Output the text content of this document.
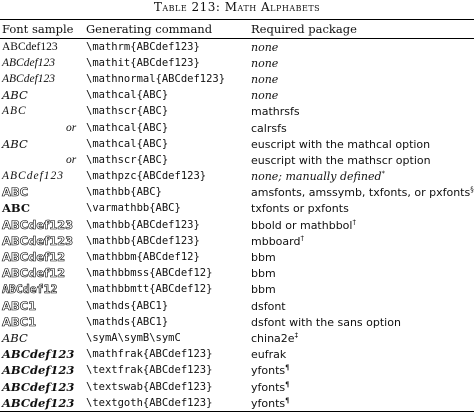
Table 213: Math Alphabets
Font sample	Generating command	Required package
ABCdef123	\mathrm{ABCdef123}	none
ABCdef123	\mathit{ABCdef123}	none
ABCdef123	\mathnormal{ABCdef123}	none
ABC	\mathcal{ABC}	none
ABC	\mathscr{ABC}	mathrsfs
or	\mathcal{ABC}	calrsfs
ABC	\mathcal{ABC}	euscript with the mathcal option
or	\mathscr{ABC}	euscript with the mathscr option
ABCdef123	\mathpzc{ABCdef123}	none; manually defined*
ABC	\mathbb{ABC}	amsfonts, amssymb, txfonts, or pxfonts§
ABC	\varmathbb{ABC}	txfonts or pxfonts
ABCdef123	\mathbb{ABCdef123}	bbold or mathbbol†
ABCdef123	\mathbb{ABCdef123}	mbboard†
ABCdef12	\mathbbm{ABCdef12}	bbm
ABCdef12	\mathbbmss{ABCdef12}	bbm
ABCdef12	\mathbbmtt{ABCdef12}	bbm
ABC1	\mathds{ABC1}	dsfont
ABC1	\mathds{ABC1}	dsfont with the sans option
ABC	\symA\symB\symC	china2e‡
ABCdef123	\mathfrak{ABCdef123}	eufrak
ABCdef123	\textfrak{ABCdef123}	yfonts¶
ABCdef123	\textswab{ABCdef123}	yfonts¶
ABCdef123	\textgoth{ABCdef123}	yfonts¶
